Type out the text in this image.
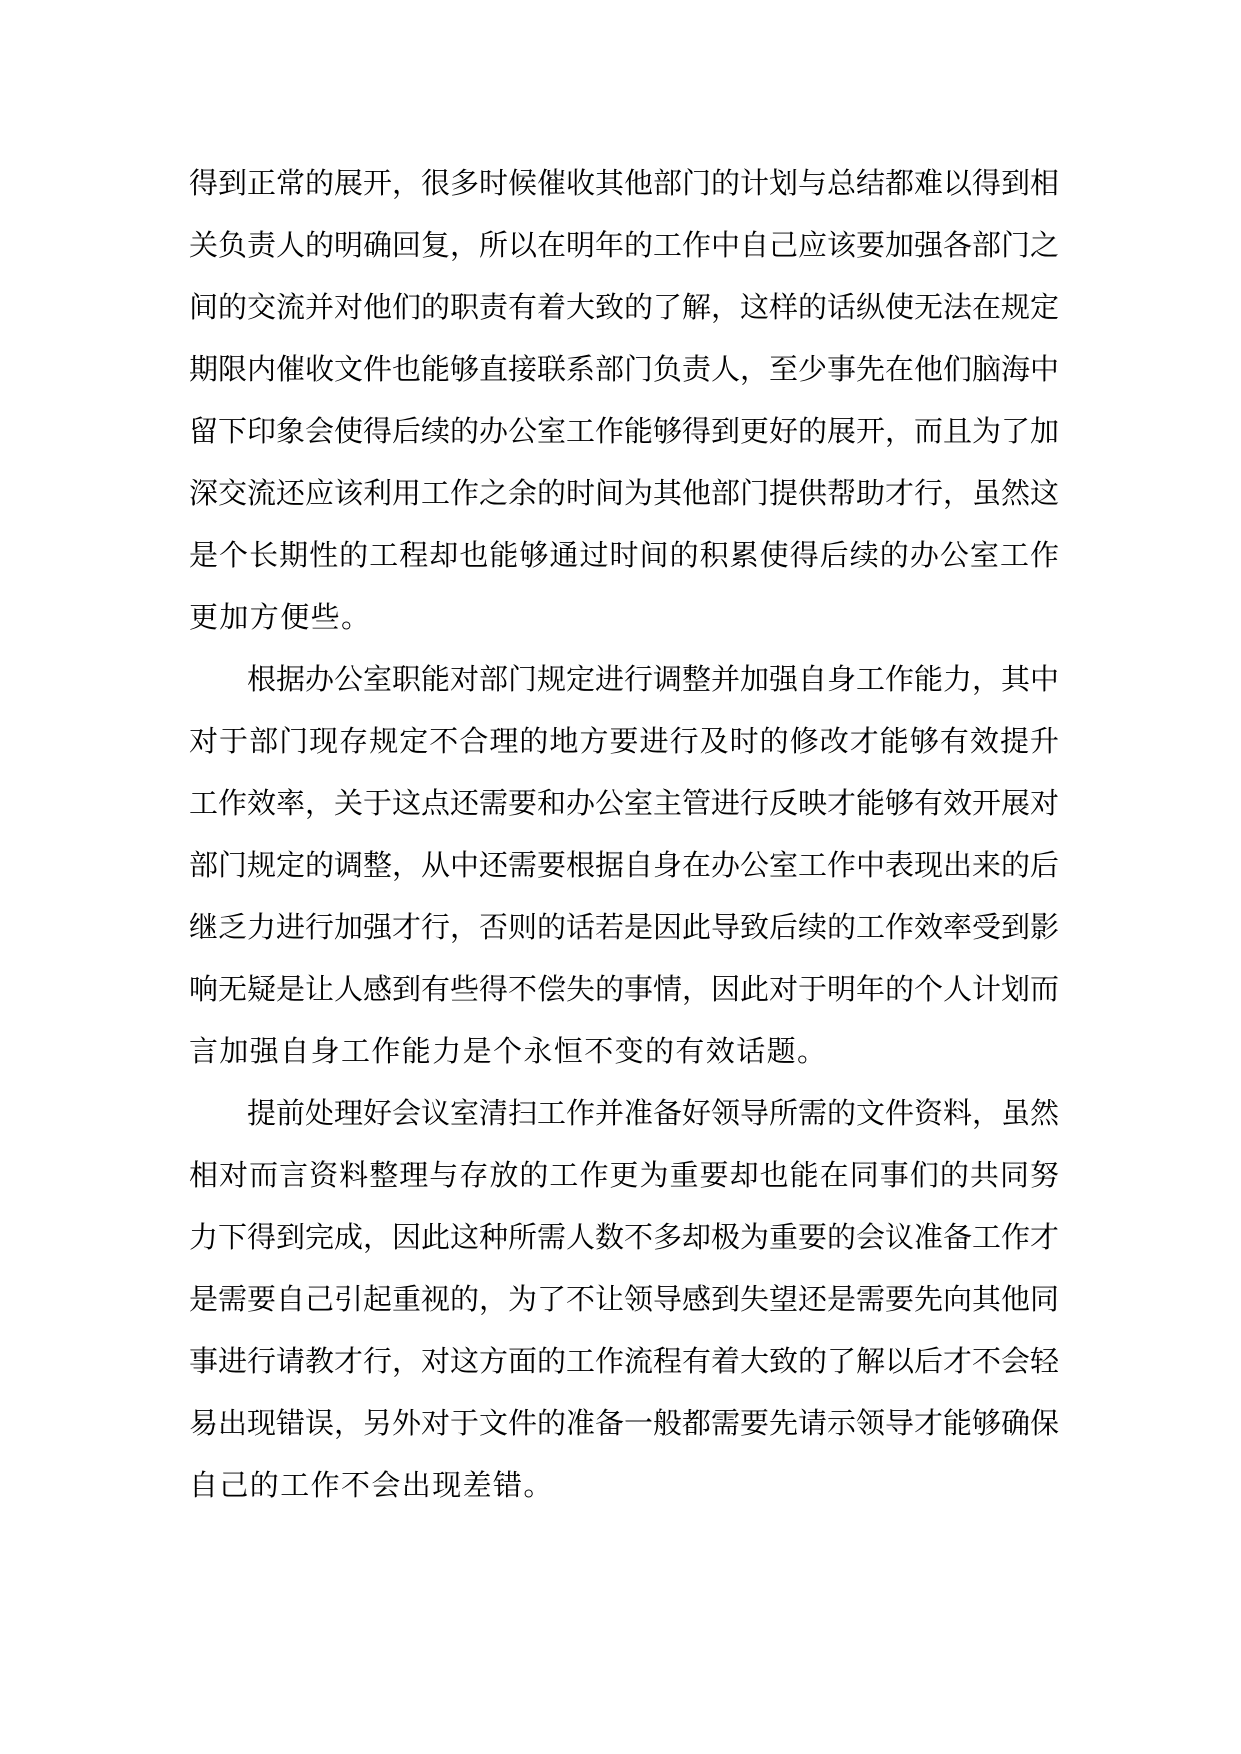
得到正常的展开，很多时候催收其他部门的计划与总结都难以得到相
关负责人的明确回复，所以在明年的工作中自己应该要加强各部门之
间的交流并对他们的职责有着大致的了解，这样的话纵使无法在规定
期限内催收文件也能够直接联系部门负责人，至少事先在他们脑海中
留下印象会使得后续的办公室工作能够得到更好的展开，而且为了加
深交流还应该利用工作之余的时间为其他部门提供帮助才行，虽然这
是个长期性的工程却也能够通过时间的积累使得后续的办公室工作
更加方便些。
根据办公室职能对部门规定进行调整并加强自身工作能力，其中
对于部门现存规定不合理的地方要进行及时的修改才能够有效提升
工作效率，关于这点还需要和办公室主管进行反映才能够有效开展对
部门规定的调整，从中还需要根据自身在办公室工作中表现出来的后
继乏力进行加强才行，否则的话若是因此导致后续的工作效率受到影
响无疑是让人感到有些得不偿失的事情，因此对于明年的个人计划而
言加强自身工作能力是个永恒不变的有效话题。
提前处理好会议室清扫工作并准备好领导所需的文件资料，虽然
相对而言资料整理与存放的工作更为重要却也能在同事们的共同努
力下得到完成，因此这种所需人数不多却极为重要的会议准备工作才
是需要自己引起重视的，为了不让领导感到失望还是需要先向其他同
事进行请教才行，对这方面的工作流程有着大致的了解以后才不会轻
易出现错误，另外对于文件的准备一般都需要先请示领导才能够确保
自己的工作不会出现差错。
